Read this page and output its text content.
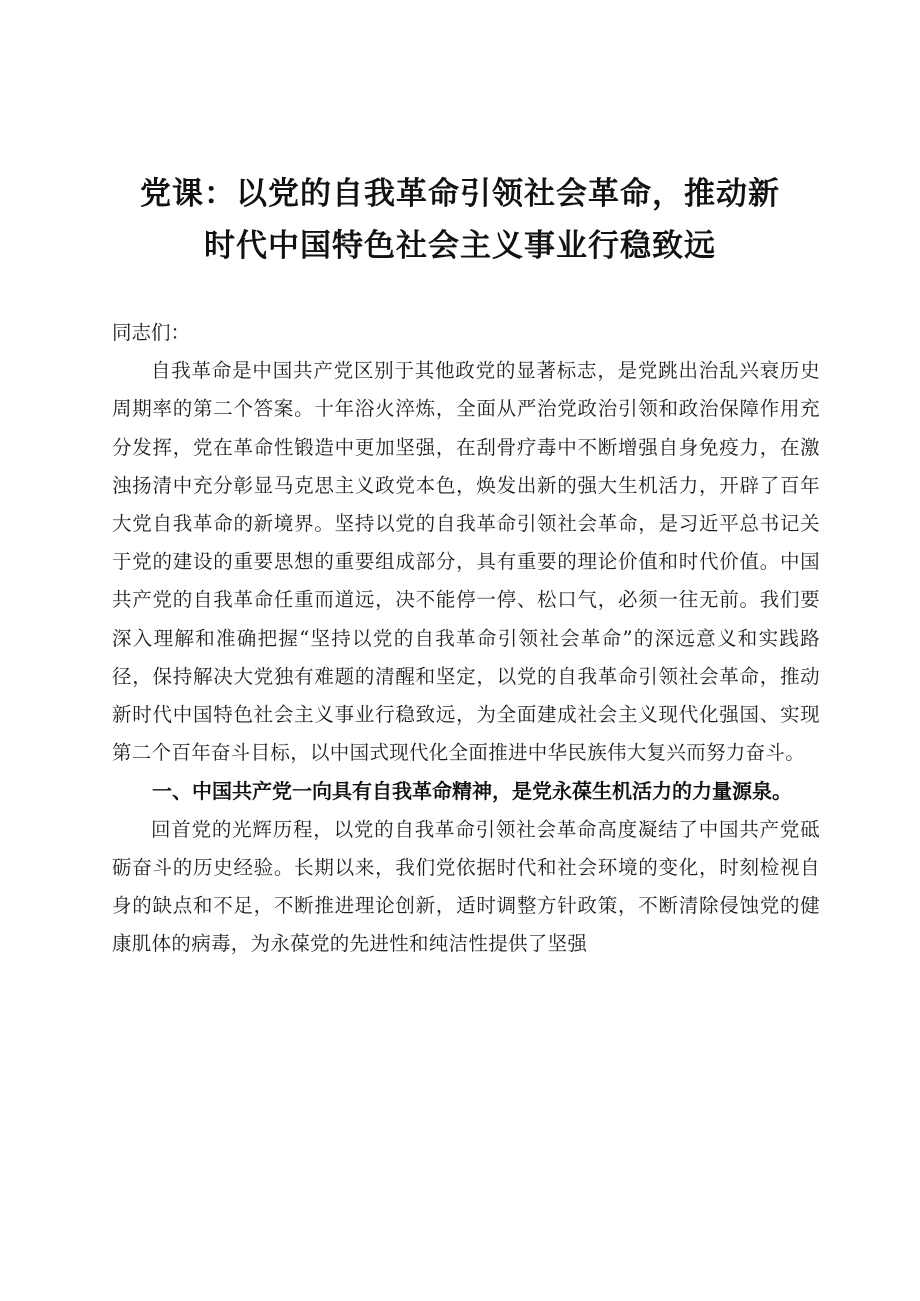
党课：以党的自我革命引领社会革命，推动新
时代中国特色社会主义事业行稳致远

同志们：

自我革命是中国共产党区别于其他政党的显著标志，是党跳出治乱兴衰历史周期率的第二个答案。十年浴火淬炼，全面从严治党政治引领和政治保障作用充分发挥，党在革命性锻造中更加坚强，在刮骨疗毒中不断增强自身免疫力，在激浊扬清中充分彰显马克思主义政党本色，焕发出新的强大生机活力，开辟了百年大党自我革命的新境界。坚持以党的自我革命引领社会革命，是习近平总书记关于党的建设的重要思想的重要组成部分，具有重要的理论价值和时代价值。中国共产党的自我革命任重而道远，决不能停一停、松口气，必须一往无前。我们要深入理解和准确把握“坚持以党的自我革命引领社会革命”的深远意义和实践路径，保持解决大党独有难题的清醒和坚定，以党的自我革命引领社会革命，推动新时代中国特色社会主义事业行稳致远，为全面建成社会主义现代化强国、实现第二个百年奋斗目标，以中国式现代化全面推进中华民族伟大复兴而努力奋斗。

一、中国共产党一向具有自我革命精神，是党永葆生机活力的力量源泉。

回首党的光辉历程，以党的自我革命引领社会革命高度凝结了中国共产党砥砺奋斗的历史经验。长期以来，我们党依据时代和社会环境的变化，时刻检视自身的缺点和不足，不断推进理论创新，适时调整方针政策，不断清除侵蚀党的健康肌体的病毒，为永葆党的先进性和纯洁性提供了坚强
